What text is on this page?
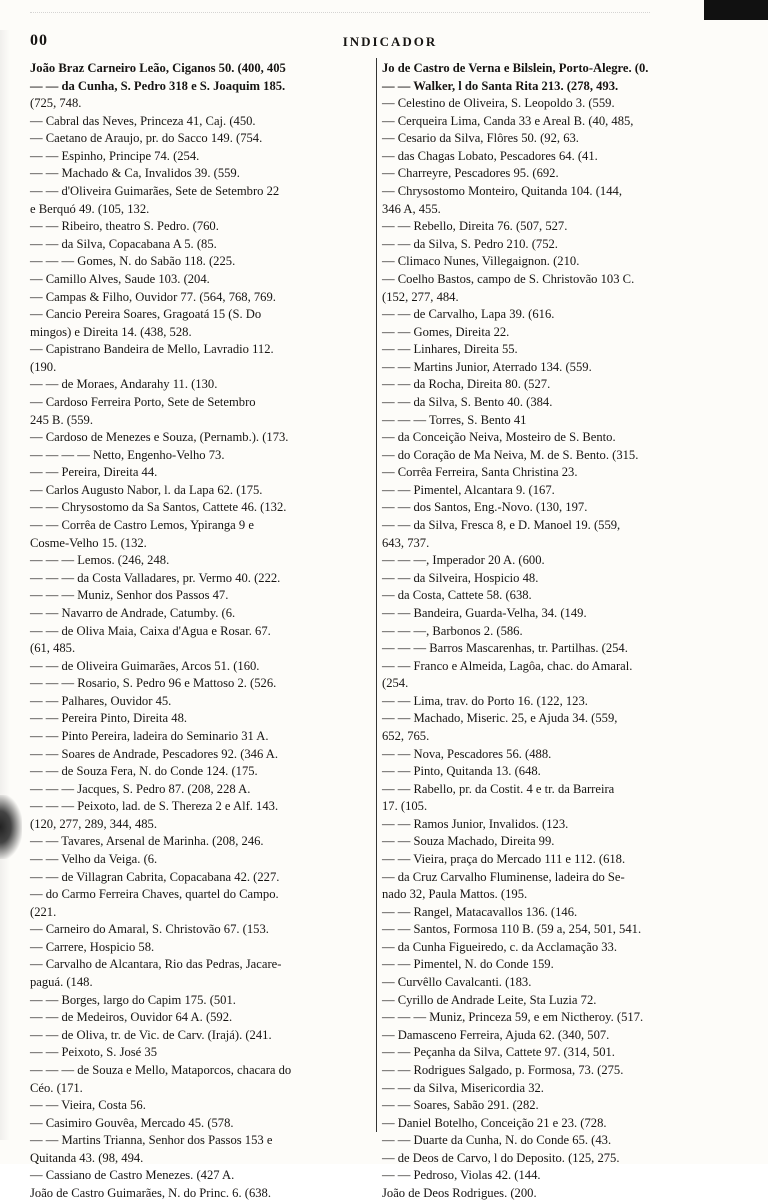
00	INDICADOR
João Braz Carneiro Leão, Ciganos 50. (400, 405
— — da Cunha, S. Pedro 318 e S. Joaquim 185.
(725, 748.
— Cabral das Neves, Princeza 41, Caj. (450.
— Caetano de Araujo, pr. do Sacco 149. (754.
— — Espinho, Principe 74. (254.
— — Machado & Ca, Invalidos 39. (559.
— — d'Oliveira Guimarães, Sete de Setembro 22
e Berquó 49. (105, 132.
— — Ribeiro, theatro S. Pedro. (760.
— — da Silva, Copacabana A 5. (85.
— — — Gomes, N. do Sabão 118. (225.
— Camillo Alves, Saude 103. (204.
— Campas & Filho, Ouvidor 77. (564, 768, 769.
— Cancio Pereira Soares, Gragoatá 15 (S. Do
mingos) e Direita 14. (438, 528.
— Capistrano Bandeira de Mello, Lavradio 112.
(190.
— — de Moraes, Andarahy 11. (130.
— Cardoso Ferreira Porto, Sete de Setembro
245 B. (559.
— Cardoso de Menezes e Souza, (Pernamb.). (173.
— — — — Netto, Engenho-Velho 73.
— — Pereira, Direita 44.
— Carlos Augusto Nabor, l. da Lapa 62. (175.
— — Chrysostomo da Sa Santos, Cattete 46. (132.
— — Corrêa de Castro Lemos, Ypiranga 9 e
Cosme-Velho 15. (132.
— — — Lemos. (246, 248.
— — — da Costa Valladares, pr. Vermo 40. (222.
— — — Muniz, Senhor dos Passos 47.
— — Navarro de Andrade, Catumby. (6.
— — de Oliva Maia, Caixa d'Agua e Rosar. 67.
(61, 485.
— — de Oliveira Guimarães, Arcos 51. (160.
— — — Rosario, S. Pedro 96 e Mattoso 2. (526.
— — Palhares, Ouvidor 45.
— — Pereira Pinto, Direita 48.
— — Pinto Pereira, ladeira do Seminario 31 A.
— — Soares de Andrade, Pescadores 92. (346 A.
— — de Souza Fera, N. do Conde 124. (175.
— — — Jacques, S. Pedro 87. (208, 228 A.
— — — Peixoto, lad. de S. Thereza 2 e Alf. 143.
(120, 277, 289, 344, 485.
— — Tavares, Arsenal de Marinha. (208, 246.
— — Velho da Veiga. (6.
— — de Villagran Cabrita, Copacabana 42. (227.
— do Carmo Ferreira Chaves, quartel do Campo.
(221.
— Carneiro do Amaral, S. Christovão 67. (153.
— Carrere, Hospicio 58.
— Carvalho de Alcantara, Rio das Pedras, Jacare-
paguá. (148.
— — Borges, largo do Capim 175. (501.
— — de Medeiros, Ouvidor 64 A. (592.
— — de Oliva, tr. de Vic. de Carv. (Irajá). (241.
— — Peixoto, S. José 35
— — — de Souza e Mello, Mataporcos, chacara do
Céo. (171.
— — Vieira, Costa 56.
— Casimiro Gouvêa, Mercado 45. (578.
— — Martins Trianna, Senhor dos Passos 153 e
Quitanda 43. (98, 494.
— Cassiano de Castro Menezes. (427 A.
João de Castro Guimarães, N. do Princ. 6. (638.
Jo de Castro de Verna e Bilslein, Porto-Alegre. (0.
— — Walker, l do Santa Rita 213. (278, 493.
— Celestino de Oliveira, S. Leopoldo 3. (559.
— Cerqueira Lima, Canda 33 e Areal B. (40, 485,
— Cesario da Silva, Flôres 50. (92, 63.
— das Chagas Lobato, Pescadores 64. (41.
— Charreyre, Pescadores 95. (692.
— Chrysostomo Monteiro, Quitanda 104. (144,
346 A, 455.
— — Rebello, Direita 76. (507, 527.
— — da Silva, S. Pedro 210. (752.
— Climaco Nunes, Villegaignon. (210.
— Coelho Bastos, campo de S. Christovão 103 C.
(152, 277, 484.
— — de Carvalho, Lapa 39. (616.
— — Gomes, Direita 22.
— — Linhares, Direita 55.
— — Martins Junior, Aterrado 134. (559.
— — da Rocha, Direita 80. (527.
— — da Silva, S. Bento 40. (384.
— — — Torres, S. Bento 41
— da Conceição Neiva, Mosteiro de S. Bento.
— do Coração de Ma Neiva, M. de S. Bento. (315.
— Corrêa Ferreira, Santa Christina 23.
— — Pimentel, Alcantara 9. (167.
— — dos Santos, Eng.-Novo. (130, 197.
— — da Silva, Fresca 8, e D. Manoel 19. (559,
643, 737.
— — —, Imperador 20 A. (600.
— — da Silveira, Hospicio 48.
— da Costa, Cattete 58. (638.
— — Bandeira, Guarda-Velha, 34. (149.
— — —, Barbonos 2. (586.
— — — Barros Mascarenhas, tr. Partilhas. (254.
— — Franco e Almeida, Lagôa, chac. do Amaral.
(254.
— — Lima, trav. do Porto 16. (122, 123.
— — Machado, Miseric. 25, e Ajuda 34. (559,
652, 765.
— — Nova, Pescadores 56. (488.
— — Pinto, Quitanda 13. (648.
— — Rabello, pr. da Costit. 4 e tr. da Barreira
17. (105.
— — Ramos Junior, Invalidos. (123.
— — Souza Machado, Direita 99.
— — Vieira, praça do Mercado 111 e 112. (618.
— da Cruz Carvalho Fluminense, ladeira do Se-
nado 32, Paula Mattos. (195.
— — Rangel, Matacavallos 136. (146.
— — Santos, Formosa 110 B. (59 a, 254, 501, 541.
— da Cunha Figueiredo, c. da Acclamação 33.
— — Pimentel, N. do Conde 159.
— Curvêllo Cavalcanti. (183.
— Cyrillo de Andrade Leite, Sta Luzia 72.
— — — Muniz, Princeza 59, e em Nictheroy. (517.
— Damasceno Ferreira, Ajuda 62. (340, 507.
— — Peçanha da Silva, Cattete 97. (314, 501.
— — Rodrigues Salgado, p. Formosa, 73. (275.
— — da Silva, Misericordia 32.
— — Soares, Sabão 291. (282.
— Daniel Botelho, Conceição 21 e 23. (728.
— — Duarte da Cunha, N. do Conde 65. (43.
— de Deos de Carvo, l do Deposito. (125, 275.
— — Pedroso, Violas 42. (144.
João de Deos Rodrigues. (200.
